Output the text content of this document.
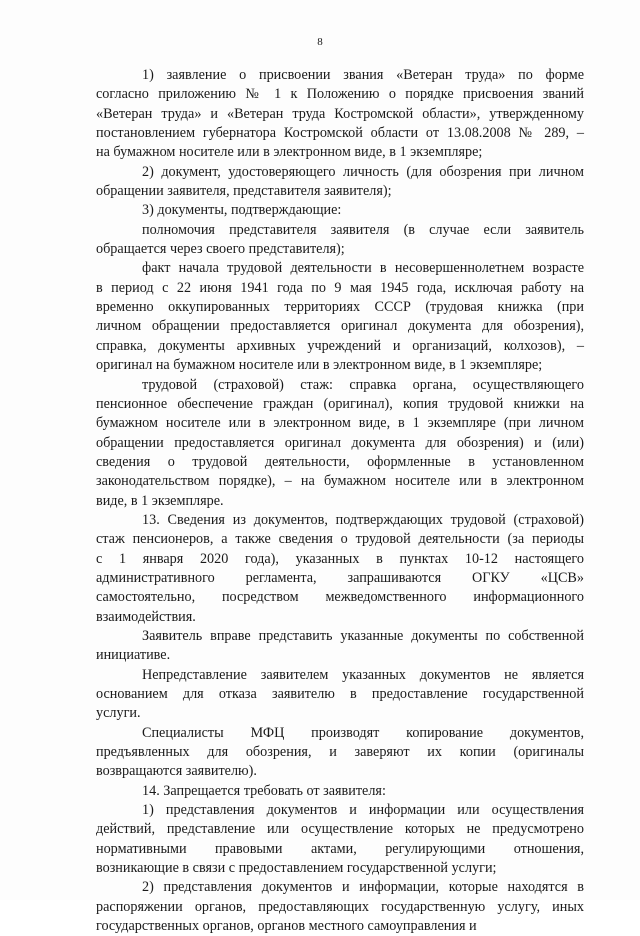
8
1) заявление о присвоении звания «Ветеран труда» по форме
согласно приложению № 1 к Положению о порядке присвоения званий
«Ветеран труда» и «Ветеран труда Костромской области», утвержденному
постановлением губернатора Костромской области от 13.08.2008 № 289, –
на бумажном носителе или в электронном виде, в 1 экземпляре;
2) документ, удостоверяющего личность (для обозрения при личном
обращении заявителя, представителя заявителя);
3) документы, подтверждающие:
полномочия представителя заявителя (в случае если заявитель
обращается через своего представителя);
факт начала трудовой деятельности в несовершеннолетнем возрасте
в период с 22 июня 1941 года по 9 мая 1945 года, исключая работу на
временно оккупированных территориях СССР (трудовая книжка (при
личном обращении предоставляется оригинал документа для обозрения),
справка, документы архивных учреждений и организаций, колхозов), –
оригинал на бумажном носителе или в электронном виде, в 1 экземпляре;
трудовой (страховой) стаж: справка органа, осуществляющего
пенсионное обеспечение граждан (оригинал), копия трудовой книжки на
бумажном носителе или в электронном виде, в 1 экземпляре (при личном
обращении предоставляется оригинал документа для обозрения) и (или)
сведения о трудовой деятельности, оформленные в установленном
законодательством порядке), – на бумажном носителе или в электронном
виде, в 1 экземпляре.
13. Сведения из документов, подтверждающих трудовой (страховой)
стаж пенсионеров, а также сведения о трудовой деятельности (за периоды
с 1 января 2020 года), указанных в пунктах 10-12 настоящего
административного регламента, запрашиваются ОГКУ «ЦСВ»
самостоятельно, посредством межведомственного информационного
взаимодействия.
Заявитель вправе представить указанные документы по собственной
инициативе.
Непредставление заявителем указанных документов не является
основанием для отказа заявителю в предоставление государственной
услуги.
Специалисты МФЦ производят копирование документов,
предъявленных для обозрения, и заверяют их копии (оригиналы
возвращаются заявителю).
14. Запрещается требовать от заявителя:
1) представления документов и информации или осуществления
действий, представление или осуществление которых не предусмотрено
нормативными правовыми актами, регулирующими отношения,
возникающие в связи с предоставлением государственной услуги;
2) представления документов и информации, которые находятся в
распоряжении органов, предоставляющих государственную услугу, иных
государственных органов, органов местного самоуправления и
